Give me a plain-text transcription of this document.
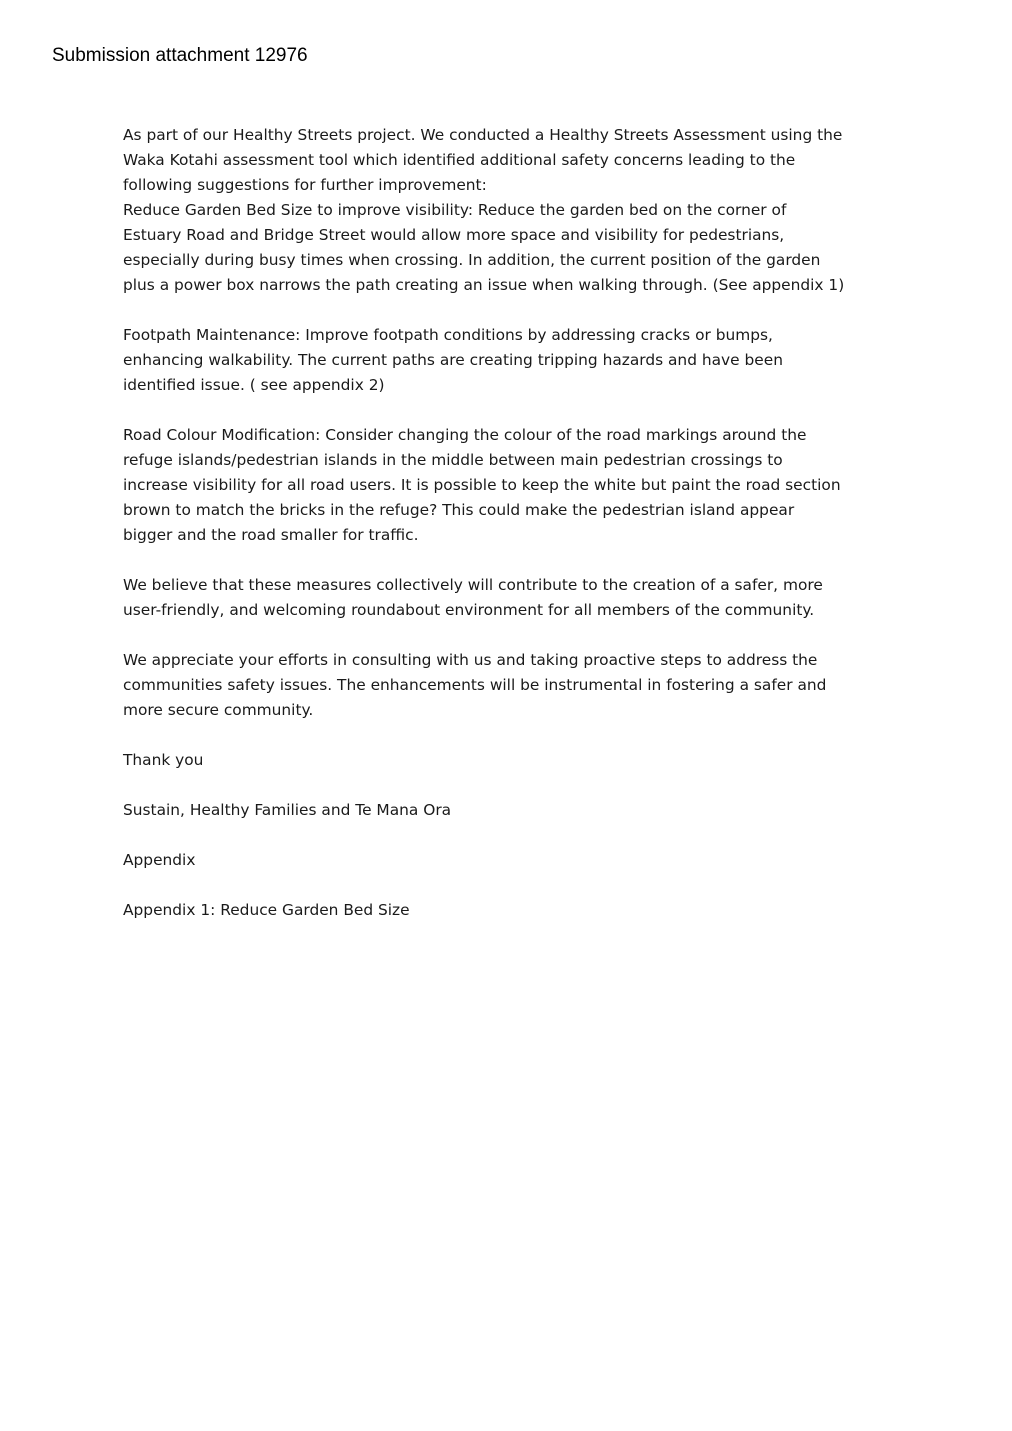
Submission attachment 12976
As part of our Healthy Streets project. We conducted a Healthy Streets Assessment using the
Waka Kotahi assessment tool which identified additional safety concerns leading to the
following suggestions for further improvement:
Reduce Garden Bed Size to improve visibility: Reduce the garden bed on the corner of
Estuary Road and Bridge Street would allow more space and visibility for pedestrians,
especially during busy times when crossing. In addition, the current position of the garden
plus a power box narrows the path creating an issue when walking through. (See appendix 1)
Footpath Maintenance: Improve footpath conditions by addressing cracks or bumps,
enhancing walkability. The current paths are creating tripping hazards and have been
identified issue. ( see appendix 2)
Road Colour Modification: Consider changing the colour of the road markings around the
refuge islands/pedestrian islands in the middle between main pedestrian crossings to
increase visibility for all road users. It is possible to keep the white but paint the road section
brown to match the bricks in the refuge? This could make the pedestrian island appear
bigger and the road smaller for traffic.
We believe that these measures collectively will contribute to the creation of a safer, more
user-friendly, and welcoming roundabout environment for all members of the community.
We appreciate your efforts in consulting with us and taking proactive steps to address the
communities safety issues. The enhancements will be instrumental in fostering a safer and
more secure community.
Thank you
Sustain, Healthy Families and Te Mana Ora
Appendix
Appendix 1: Reduce Garden Bed Size
